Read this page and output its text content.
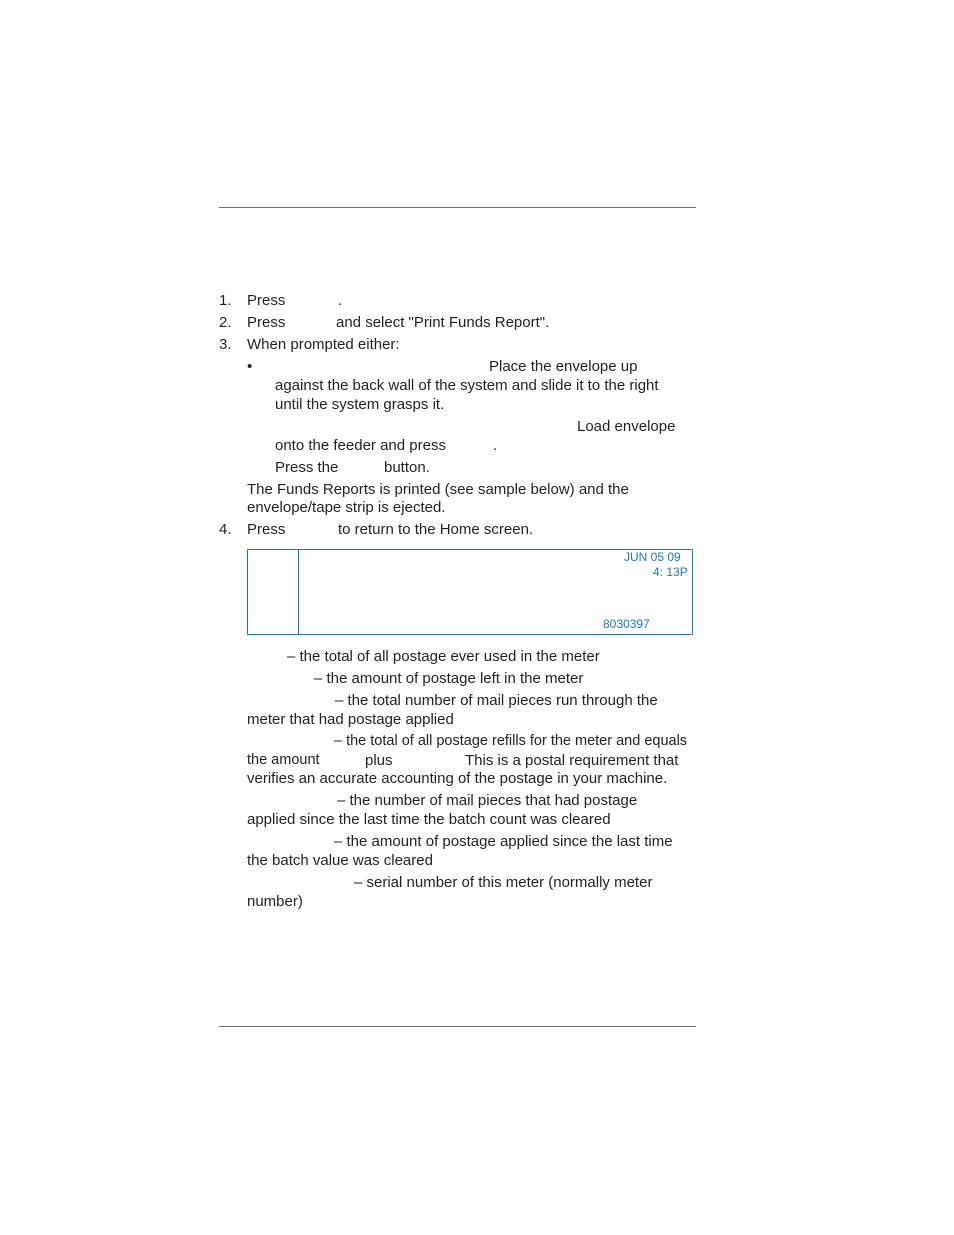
1. Press	.
2. Press	and select "Print Funds Report".
3. When prompted either:
•	Place the envelope up
against the back wall of the system and slide it to the right
until the system grasps it.
Load envelope
onto the feeder and press	.
Press the	button.
The Funds Reports is printed (see sample below) and the
envelope/tape strip is ejected.
4. Press	to return to the Home screen.
JUN 05 09
4: 13P
8030397
– the total of all postage ever used in the meter
– the amount of postage left in the meter
– the total number of mail pieces run through the
meter that had postage applied
– the total of all postage refills for the meter and equals
the amount	plus	This is a postal requirement that
verifies an accurate accounting of the postage in your machine.
– the number of mail pieces that had postage
applied since the last time the batch count was cleared
– the amount of postage applied since the last time
the batch value was cleared
– serial number of this meter (normally meter
number)
